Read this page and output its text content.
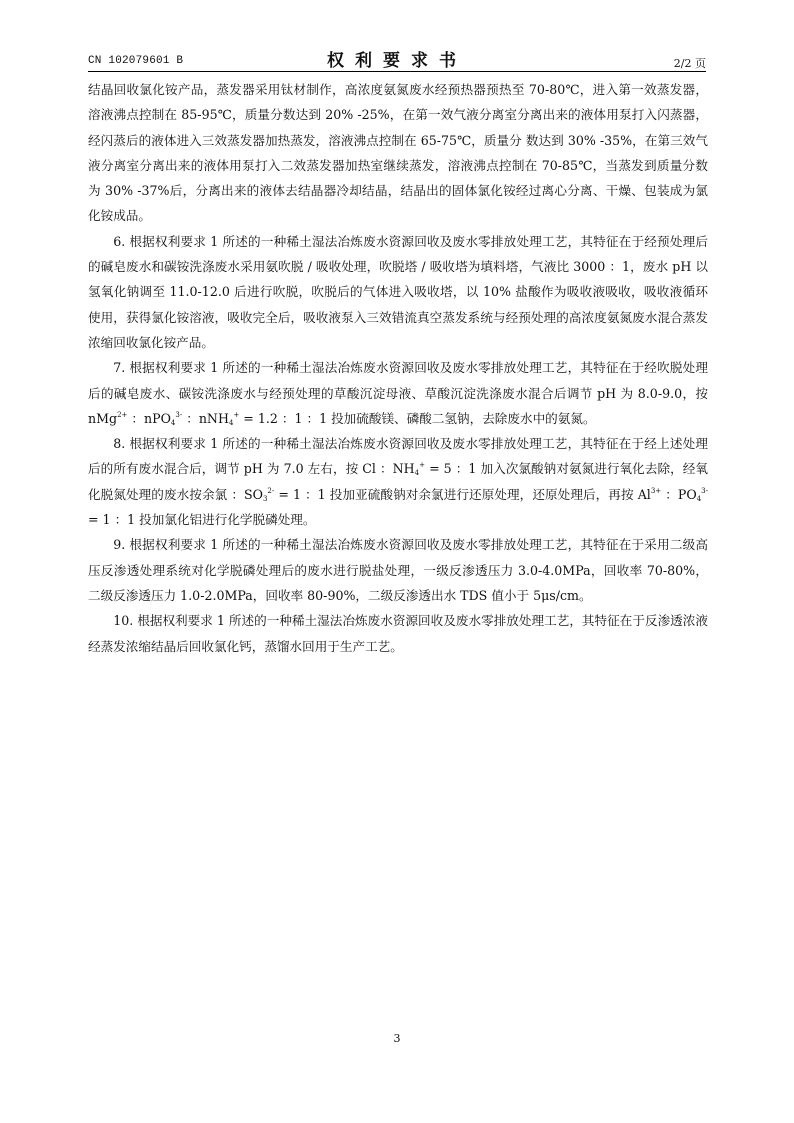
CN 102079601 B	权利要求书	2/2 页

结晶回收氯化铵产品，蒸发器采用钛材制作，高浓度氨氮废水经预热器预热至 70-80℃，进入第一效蒸发器，溶液沸点控制在 85-95℃，质量分数达到 20% -25%，在第一效气液分离室分离出来的液体用泵打入闪蒸器，经闪蒸后的液体进入三效蒸发器加热蒸发，溶液沸点控制在 65-75℃，质量分 数达到 30% -35%，在第三效气液分离室分离出来的液体用泵打入二效蒸发器加热室继续蒸发，溶液沸点控制在 70-85℃，当蒸发到质量分数为 30% -37%后，分离出来的液体去结晶器冷却结晶，结晶出的固体氯化铵经过离心分离、干燥、包装成为氯化铵成品。

6. 根据权利要求 1 所述的一种稀土湿法冶炼废水资源回收及废水零排放处理工艺，其特征在于经预处理后的碱皂废水和碳铵洗涤废水采用氨吹脱 / 吸收处理，吹脱塔 / 吸收塔为填料塔，气液比 3000 ：1，废水 pH 以氢氧化钠调至 11.0-12.0 后进行吹脱，吹脱后的气体进入吸收塔，以 10% 盐酸作为吸收液吸收，吸收液循环使用，获得氯化铵溶液，吸收完全后，吸收液泵入三效错流真空蒸发系统与经预处理的高浓度氨氮废水混合蒸发浓缩回收氯化铵产品。

7. 根据权利要求 1 所述的一种稀土湿法冶炼废水资源回收及废水零排放处理工艺，其特征在于经吹脱处理后的碱皂废水、碳铵洗涤废水与经预处理的草酸沉淀母液、草酸沉淀洗涤废水混合后调节 pH 为 8.0-9.0，按 nMg$^{2+}$ ：nPO$_4^{3-}$ ：nNH$_4$+ = 1.2 ：1 ：1 投加硫酸镁、磷酸二氢钠，去除废水中的氨氮。

8. 根据权利要求 1 所述的一种稀土湿法冶炼废水资源回收及废水零排放处理工艺，其特征在于经上述处理后的所有废水混合后，调节 pH 为 7.0 左右，按 Cl ：$NH_4^+ = 5$ ：1 加入次氯酸钠对氨氮进行氧化去除，经氧化脱氮处理的废水按余氯 ：$SO_3^{2-} = 1$ ：1 投加亚硫酸钠对余氯进行还原处理，还原处理后，再按 $Al^{3+}$ ：$PO_4^{3-} = 1$ ：1 投加氯化铝进行化学脱磷处理。

9. 根据权利要求 1 所述的一种稀土湿法冶炼废水资源回收及废水零排放处理工艺，其特征在于采用二级高压反渗透处理系统对化学脱磷处理后的废水进行脱盐处理，一级反渗透压力 3.0-4.0MPa，回收率 70-80%，二级反渗透压力 1.0-2.0MPa，回收率 80-90%，二级反渗透出水 TDS 值小于 5μs/cm。

10. 根据权利要求 1 所述的一种稀土湿法冶炼废水资源回收及废水零排放处理工艺，其特征在于反渗透浓液经蒸发浓缩结晶后回收氯化钙，蒸馏水回用于生产工艺。

3
